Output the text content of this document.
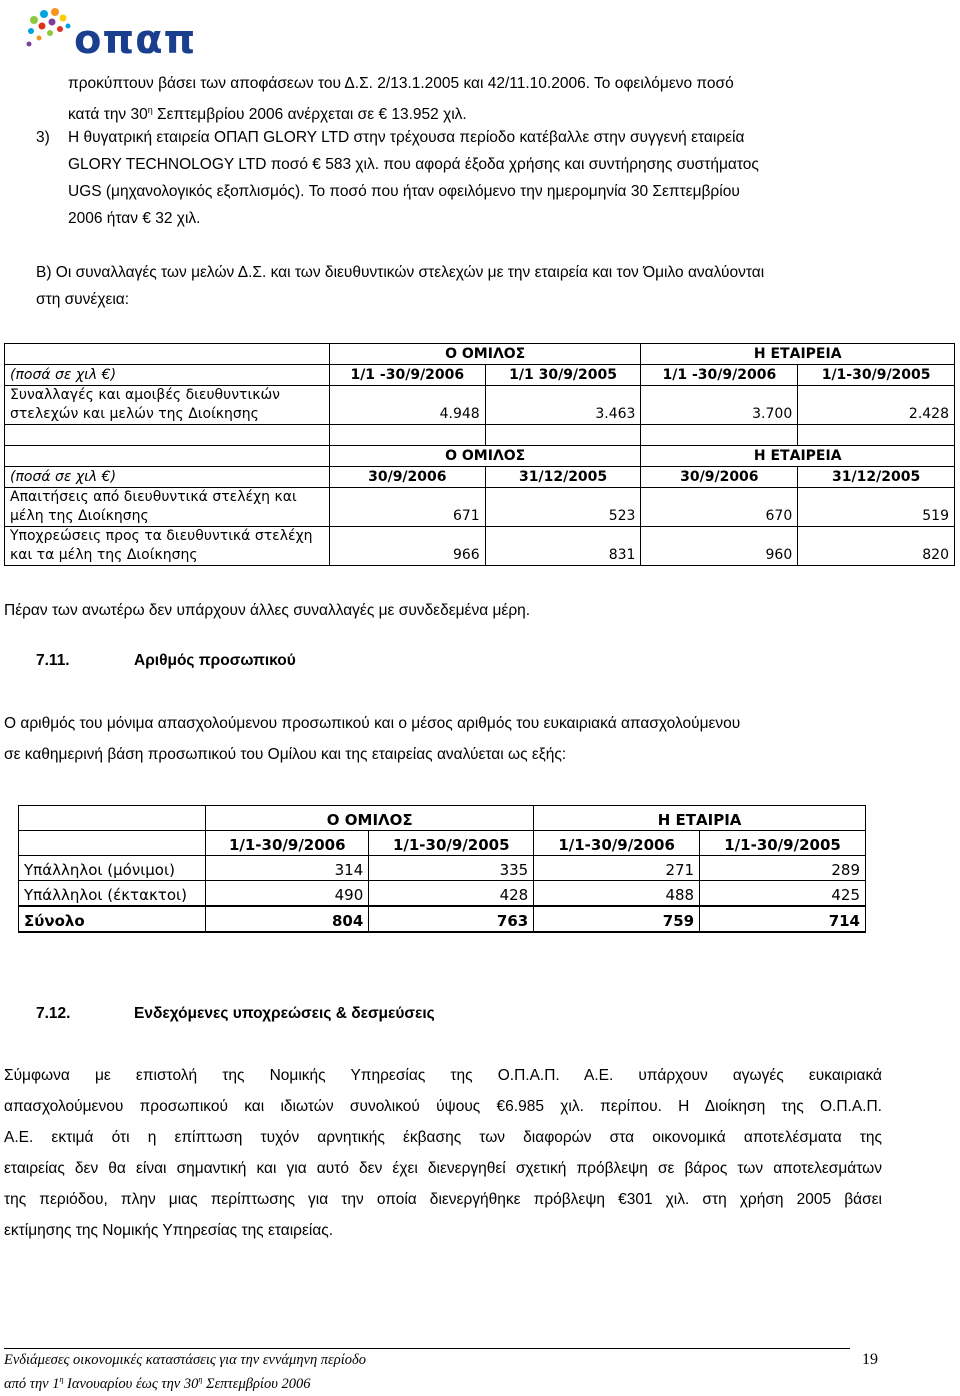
οπαπ
προκύπτουν βάσει των αποφάσεων του Δ.Σ. 2/13.1.2005 και 42/11.10.2006. Το οφειλόμενο ποσό
κατά την $30^\eta$ Σεπτεμβρίου 2006 ανέρχεται σε € 13.952 χιλ.
3) Η θυγατρική εταιρεία ΟΠΑΠ GLORY LTD στην τρέχουσα περίοδο κατέβαλλε στην συγγενή εταιρεία
GLORY TECHNOLOGY LTD ποσό € 583 χιλ. που αφορά έξοδα χρήσης και συντήρησης συστήματος
UGS (μηχανολογικός εξοπλισμός). Το ποσό που ήταν οφειλόμενο την ημερομηνία 30 Σεπτεμβρίου
2006 ήταν € 32 χιλ.
Β) Οι συναλλαγές των μελών Δ.Σ. και των διευθυντικών στελεχών με την εταιρεία και τον Όμιλο αναλύονται
στη συνέχεια:
	Ο ΟΜΙΛΟΣ		Η ΕΤΑΙΡΕΙΑ	
(ποσά σε χιλ €)	1/1 -30/9/2006	1/1 30/9/2005	1/1 -30/9/2006	1/1-30/9/2005

Συναλλαγές και αμοιβές διευθυντικών
στελεχών και μελών της Διοίκησης	4.948	3.463	3.700	2.428

	Ο ΟΜΙΛΟΣ		Η ΕΤΑΙΡΕΙΑ	
(ποσά σε χιλ €)	30/9/2006	31/12/2005	30/9/2006	31/12/2005

Απαιτήσεις από διευθυντικά στελέχη και
μέλη της Διοίκησης	671	523	670	519

Υποχρεώσεις προς τα διευθυντικά στελέχη
και τα μέλη της Διοίκησης	966	831	960	820
Πέραν των ανωτέρω δεν υπάρχουν άλλες συναλλαγές με συνδεδεμένα μέρη.
7.11.	Αριθμός προσωπικού
Ο αριθμός του μόνιμα απασχολούμενου προσωπικού και ο μέσος αριθμός του ευκαιριακά απασχολούμενου
σε καθημερινή βάση προσωπικού του Ομίλου και της εταιρείας αναλύεται ως εξής:
	Ο ΟΜΙΛΟΣ		Η ΕΤΑΙΡΙΑ	
	1/1-30/9/2006	1/1-30/9/2005	1/1-30/9/2006	1/1-30/9/2005
Υπάλληλοι (μόνιμοι)	314	335	271	289
Υπάλληλοι (έκτακτοι)	490	428	488	425
Σύνολο	804	763	759	714
7.12.	Ενδεχόμενες υποχρεώσεις & δεσμεύσεις
Σύμφωνα με επιστολή της Νομικής Υπηρεσίας της Ο.Π.Α.Π. Α.Ε. υπάρχουν αγωγές ευκαιριακά
απασχολούμενου προσωπικού και ιδιωτών συνολικού ύψους €6.985 χιλ. περίπου. Η Διοίκηση της Ο.Π.Α.Π.
Α.Ε. εκτιμά ότι η επίπτωση τυχόν αρνητικής έκβασης των διαφορών στα οικονομικά αποτελέσματα της
εταιρείας δεν θα είναι σημαντική και για αυτό δεν έχει διενεργηθεί σχετική πρόβλεψη σε βάρος των αποτελεσμάτων
της περιόδου, πλην μιας περίπτωσης για την οποία διενεργήθηκε πρόβλεψη €301 χιλ. στη χρήση 2005 βάσει
εκτίμησης της Νομικής Υπηρεσίας της εταιρείας.
Ενδιάμεσες οικονομικές καταστάσεις για την εννάμηνη περίοδο
από την $1^\eta$ Ιανουαρίου έως την $30^\eta$ Σεπτεμβρίου 2006
19
